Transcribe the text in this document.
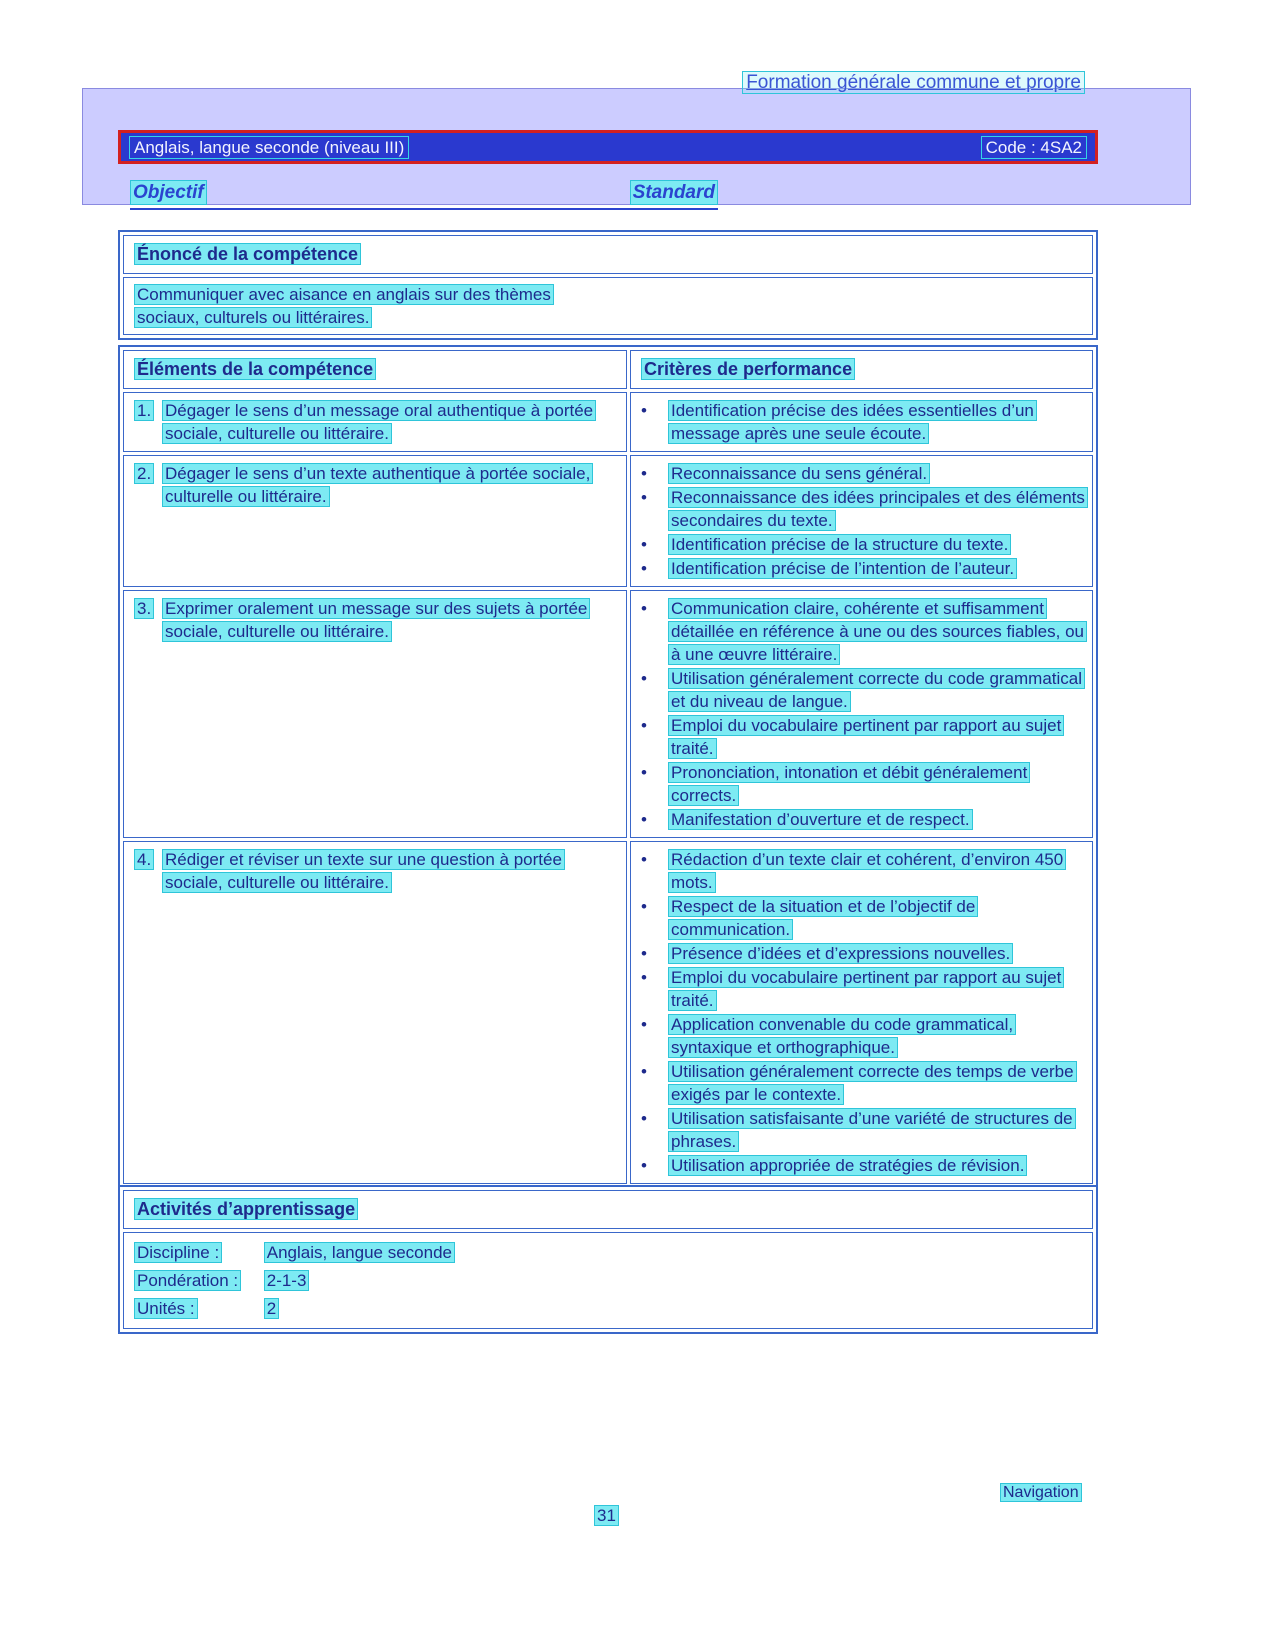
Formation générale commune et propre
Anglais, langue seconde (niveau III)	Code : 4SA2
Objectif	Standard
Énoncé de la compétence

Communiquer avec aisance en anglais sur des thèmes sociaux, culturels ou littéraires.
Éléments de la compétence	Critères de performance

1. Dégager le sens d’un message oral authentique à portée sociale, culturelle ou littéraire.

•
Identification précise des idées essentielles d’un message après une seule écoute.

2. Dégager le sens d’un texte authentique à portée sociale, culturelle ou littéraire.

•
Reconnaissance du sens général.
•
Reconnaissance des idées principales et des éléments secondaires du texte.
•
Identification précise de la structure du texte.
•
Identification précise de l’intention de l’auteur.

3. Exprimer oralement un message sur des sujets à portée sociale, culturelle ou littéraire.

•
Communication claire, cohérente et suffisamment détaillée en référence à une ou des sources fiables, ou à une œuvre littéraire.
•
Utilisation généralement correcte du code grammatical et du niveau de langue.
•
Emploi du vocabulaire pertinent par rapport au sujet traité.
•
Prononciation, intonation et débit généralement corrects.
•
Manifestation d’ouverture et de respect.

4. Rédiger et réviser un texte sur une question à portée sociale, culturelle ou littéraire.

•
Rédaction d’un texte clair et cohérent, d’environ 450 mots.
•
Respect de la situation et de l’objectif de communication.
•
Présence d’idées et d’expressions nouvelles.
•
Emploi du vocabulaire pertinent par rapport au sujet traité.
•
Application convenable du code grammatical, syntaxique et orthographique.
•
Utilisation généralement correcte des temps de verbe exigés par le contexte.
•
Utilisation satisfaisante d’une variété de structures de phrases.
•
Utilisation appropriée de stratégies de révision.
Activités d’apprentissage

Discipline :	Anglais, langue seconde
Pondération : 2-1-3
Unités :	2
Navigation
31
